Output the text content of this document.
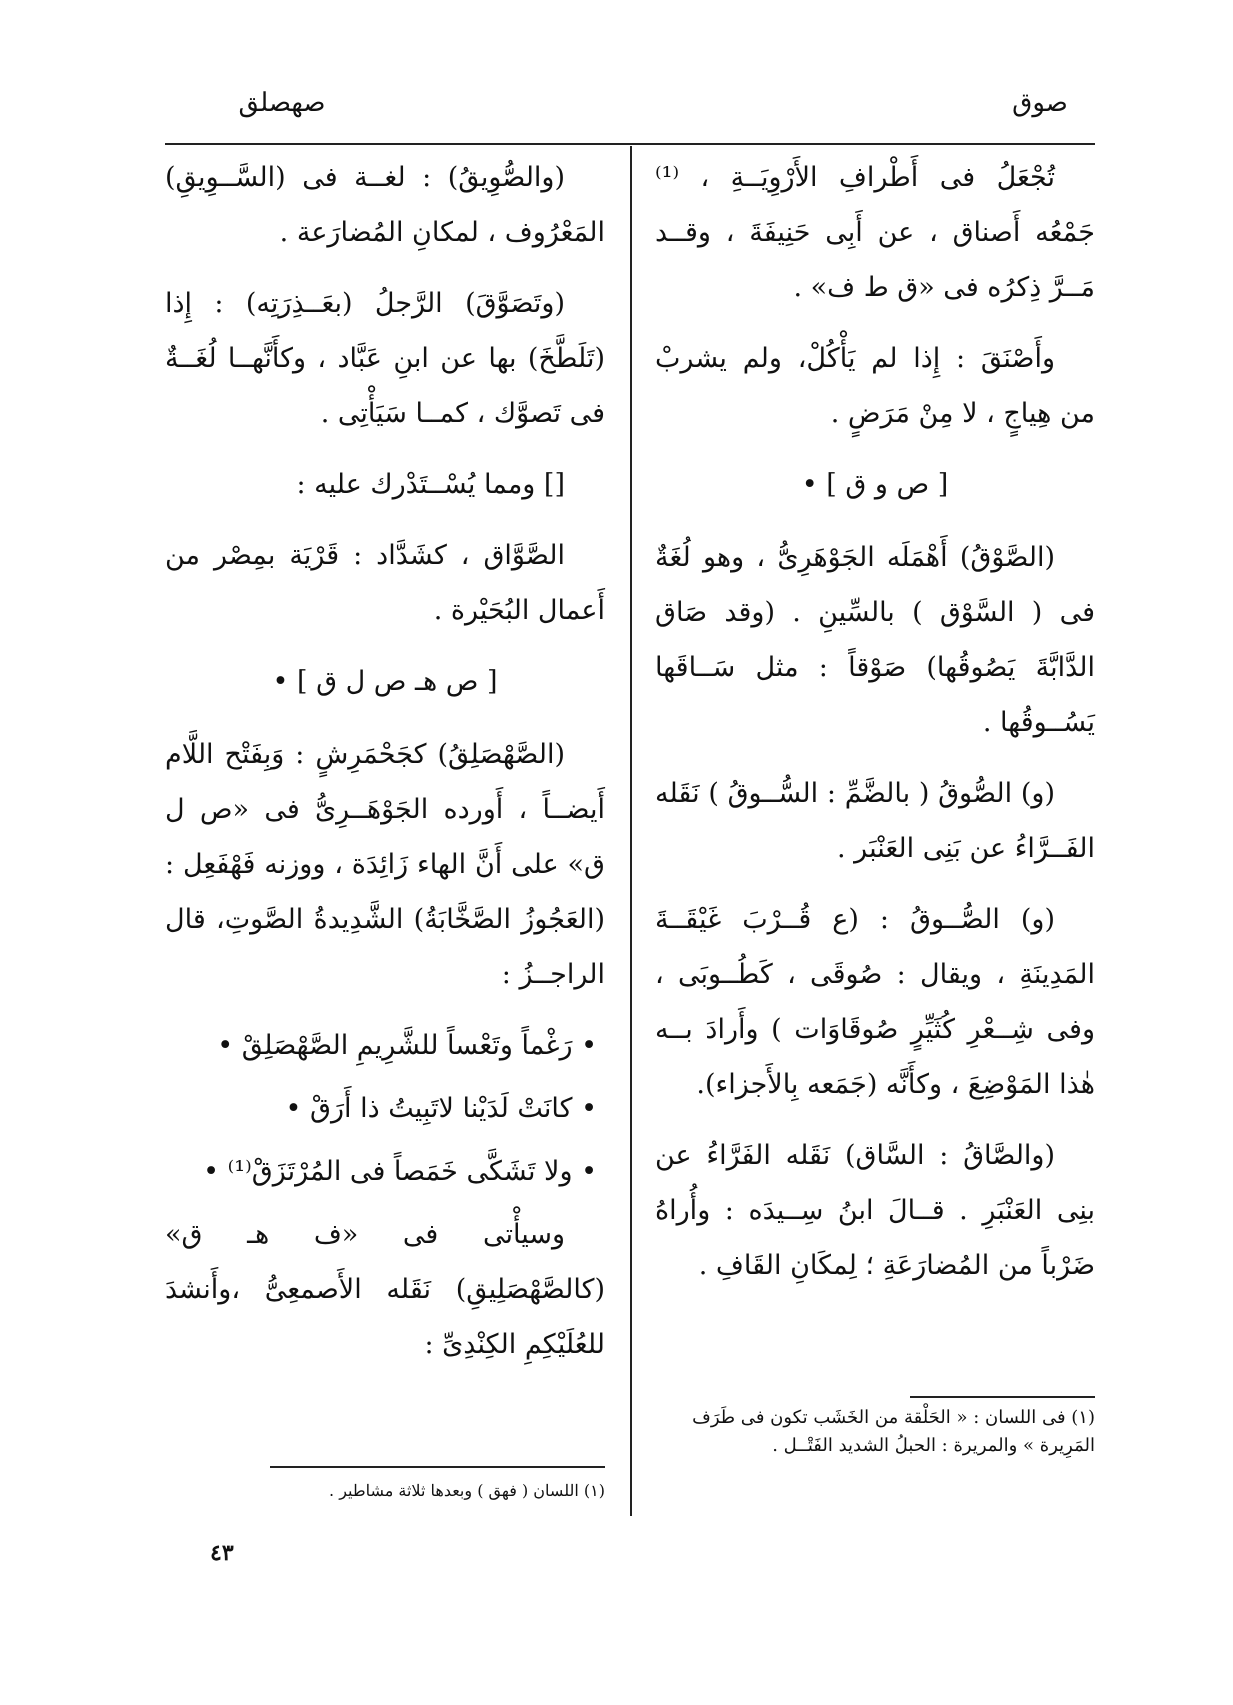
صهصلق	صوق

تُجْعَلُ فى أَطْرافِ الأَرْوِيَــةِ ، ⁽¹⁾ جَمْعُه أَصناق ، عن أَبِى حَنِيفَةَ ، وقــد مَــرَّ ذِكرُه فى «ق ط ف» .

وأَصْنَقَ : إِذا لم يَأْكُلْ، ولم يشربْ من هِياجٍ ، لا مِنْ مَرَضٍ .

[ ص و ق ] •

(الصَّوْقُ) أَهْمَلَه الجَوْهَرِىُّ ، وهو لُغَةٌ فى ( السَّوْق ) بالسِّينِ . (وقد صَاق الدَّابَّةَ يَصُوقُها) صَوْقاً : مثل سَــاقَها يَسُــوقُها .

(و) الصُّوقُ ( بالضَّمِّ : السُّــوقُ ) نَقَله الفَــرَّاءُ عن بَنِى العَنْبَر .

(و) الصُّــوقُ : (ع قُــرْبَ غَيْقَــةَ المَدِينَةِ ، ويقال : صُوقَى ، كَطُــوبَى ، وفى شِــعْرِ كُثَيِّرٍ صُوقَاوَات ) وأَرادَ بــه هٰذا المَوْضِعَ ، وكأَنَّه (جَمَعه بِالأَجزاء).

(والصَّاقُ : السَّاق) نَقَله الفَرَّاءُ عن بنِى العَنْبَرِ . قــالَ ابنُ سِــيدَه : وأُراهُ ضَرْباً من المُضارَعَةِ ؛ لِمكَانِ القَافِ .

(والصُّوِيقُ) : لغــة فى (السَّــوِيقِ) المَعْرُوف ، لمكانِ المُضارَعة .

(وتَصَوَّقَ) الرَّجلُ (بعَــذِرَتِه) : إِذا (تَلَطَّخَ) بها عن ابنِ عَبَّاد ، وكأَنَّهــا لُغَــةٌ فى تَصوَّك ، كمــا سَيَأْتِى .

[] ومما يُسْــتَدْرك عليه :

الصَّوَّاق ، كشَدَّاد : قَرْيَة بمِصْر من أَعمال البُحَيْرة .

[ ص هـ ص ل ق ] •

(الصَّهْصَلِقُ) كجَحْمَرِشٍ : وَبِفَتْح اللَّام أَيضــاً ، أَورده الجَوْهَــرِىُّ فى «ص ل ق» على أَنَّ الهاء زَائِدَة ، ووزنه فَهْفَعِل : (العَجُوزُ الصَّخَّابَةُ) الشَّدِيدةُ الصَّوتِ، قال الراجــزُ :

• رَغْماً وتَعْساً للشَّرِيمِ الصَّهْصَلِقْ •

• كانَتْ لَدَيْنا لاتَبِيتُ ذا أَرَقْ •

• ولا تَشَكَّى خَمَصاً فى المُرْتَزَقْ⁽¹⁾ •

وسيأْتى فى «ف هـ ق» (كالصَّهْصَلِيقِ) نَقَله الأَصمعِىُّ ،وأَنشدَ للعُلَيْكِمِ الكِنْدِىِّ :

(١) فى اللسان : « الحَلْقة من الخَشَب تكون فى طَرَف المَرِيرة » والمريرة : الحبلُ الشديد الفَتْــل .
(١) اللسان ( فهق ) وبعدها ثلاثة مشاطير .
٤٣
